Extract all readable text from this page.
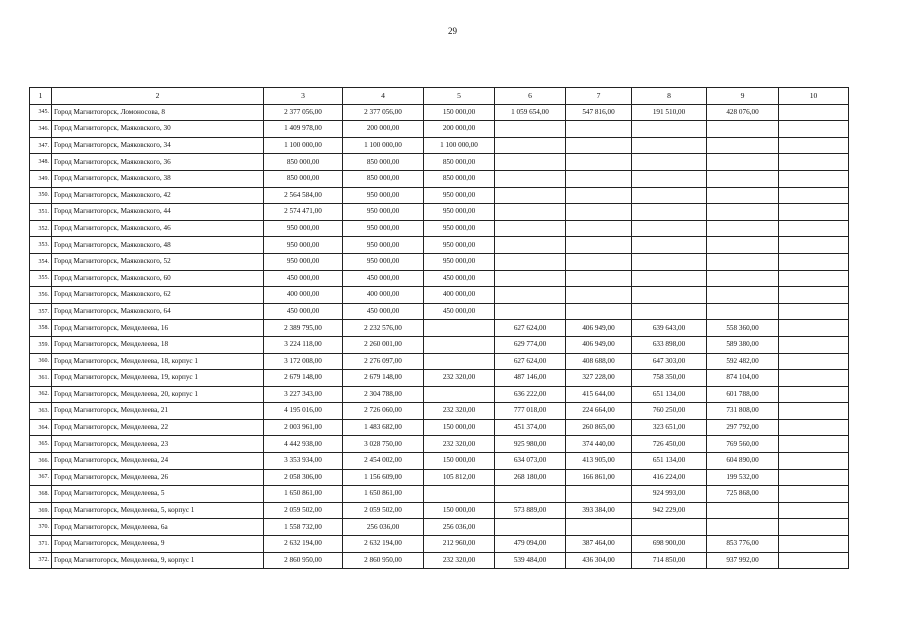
29
1	2	3	4	5	6	7	8	9	10
345.	Город Магнитогорск, Ломоносова, 8	2 377 056,00	2 377 056,00	150 000,00	1 059 654,00	547 816,00	191 510,00	428 076,00	
346.	Город Магнитогорск, Маяковского, 30	1 409 978,00	200 000,00	200 000,00					
347.	Город Магнитогорск, Маяковского, 34	1 100 000,00	1 100 000,00	1 100 000,00					
348.	Город Магнитогорск, Маяковского, 36	850 000,00	850 000,00	850 000,00					
349.	Город Магнитогорск, Маяковского, 38	850 000,00	850 000,00	850 000,00					
350.	Город Магнитогорск, Маяковского, 42	2 564 584,00	950 000,00	950 000,00					
351.	Город Магнитогорск, Маяковского, 44	2 574 471,00	950 000,00	950 000,00					
352.	Город Магнитогорск, Маяковского, 46	950 000,00	950 000,00	950 000,00					
353.	Город Магнитогорск, Маяковского, 48	950 000,00	950 000,00	950 000,00					
354.	Город Магнитогорск, Маяковского, 52	950 000,00	950 000,00	950 000,00					
355.	Город Магнитогорск, Маяковского, 60	450 000,00	450 000,00	450 000,00					
356.	Город Магнитогорск, Маяковского, 62	400 000,00	400 000,00	400 000,00					
357.	Город Магнитогорск, Маяковского, 64	450 000,00	450 000,00	450 000,00					
358.	Город Магнитогорск, Менделеева, 16	2 389 795,00	2 232 576,00		627 624,00	406 949,00	639 643,00	558 360,00	
359.	Город Магнитогорск, Менделеева, 18	3 224 118,00	2 260 001,00		629 774,00	406 949,00	633 898,00	589 380,00	
360.	Город Магнитогорск, Менделеева, 18, корпус 1	3 172 008,00	2 276 097,00		627 624,00	408 688,00	647 303,00	592 482,00	
361.	Город Магнитогорск, Менделеева, 19, корпус 1	2 679 148,00	2 679 148,00	232 320,00	487 146,00	327 228,00	758 350,00	874 104,00	
362.	Город Магнитогорск, Менделеева, 20, корпус 1	3 227 343,00	2 304 788,00		636 222,00	415 644,00	651 134,00	601 788,00	
363.	Город Магнитогорск, Менделеева, 21	4 195 016,00	2 726 060,00	232 320,00	777 018,00	224 664,00	760 250,00	731 808,00	
364.	Город Магнитогорск, Менделеева, 22	2 003 961,00	1 483 682,00	150 000,00	451 374,00	260 865,00	323 651,00	297 792,00	
365.	Город Магнитогорск, Менделеева, 23	4 442 938,00	3 028 750,00	232 320,00	925 980,00	374 440,00	726 450,00	769 560,00	
366.	Город Магнитогорск, Менделеева, 24	3 353 934,00	2 454 002,00	150 000,00	634 073,00	413 905,00	651 134,00	604 890,00	
367.	Город Магнитогорск, Менделеева, 26	2 058 306,00	1 156 609,00	105 812,00	268 180,00	166 861,00	416 224,00	199 532,00	
368.	Город Магнитогорск, Менделеева, 5	1 650 861,00	1 650 861,00				924 993,00	725 868,00	
369.	Город Магнитогорск, Менделеева, 5, корпус 1	2 059 502,00	2 059 502,00	150 000,00	573 889,00	393 384,00	942 229,00		
370.	Город Магнитогорск, Менделеева, 6а	1 558 732,00	256 036,00	256 036,00					
371.	Город Магнитогорск, Менделеева, 9	2 632 194,00	2 632 194,00	212 960,00	479 094,00	387 464,00	698 900,00	853 776,00	
372.	Город Магнитогорск, Менделеева, 9, корпус 1	2 860 950,00	2 860 950,00	232 320,00	539 484,00	436 304,00	714 850,00	937 992,00	
